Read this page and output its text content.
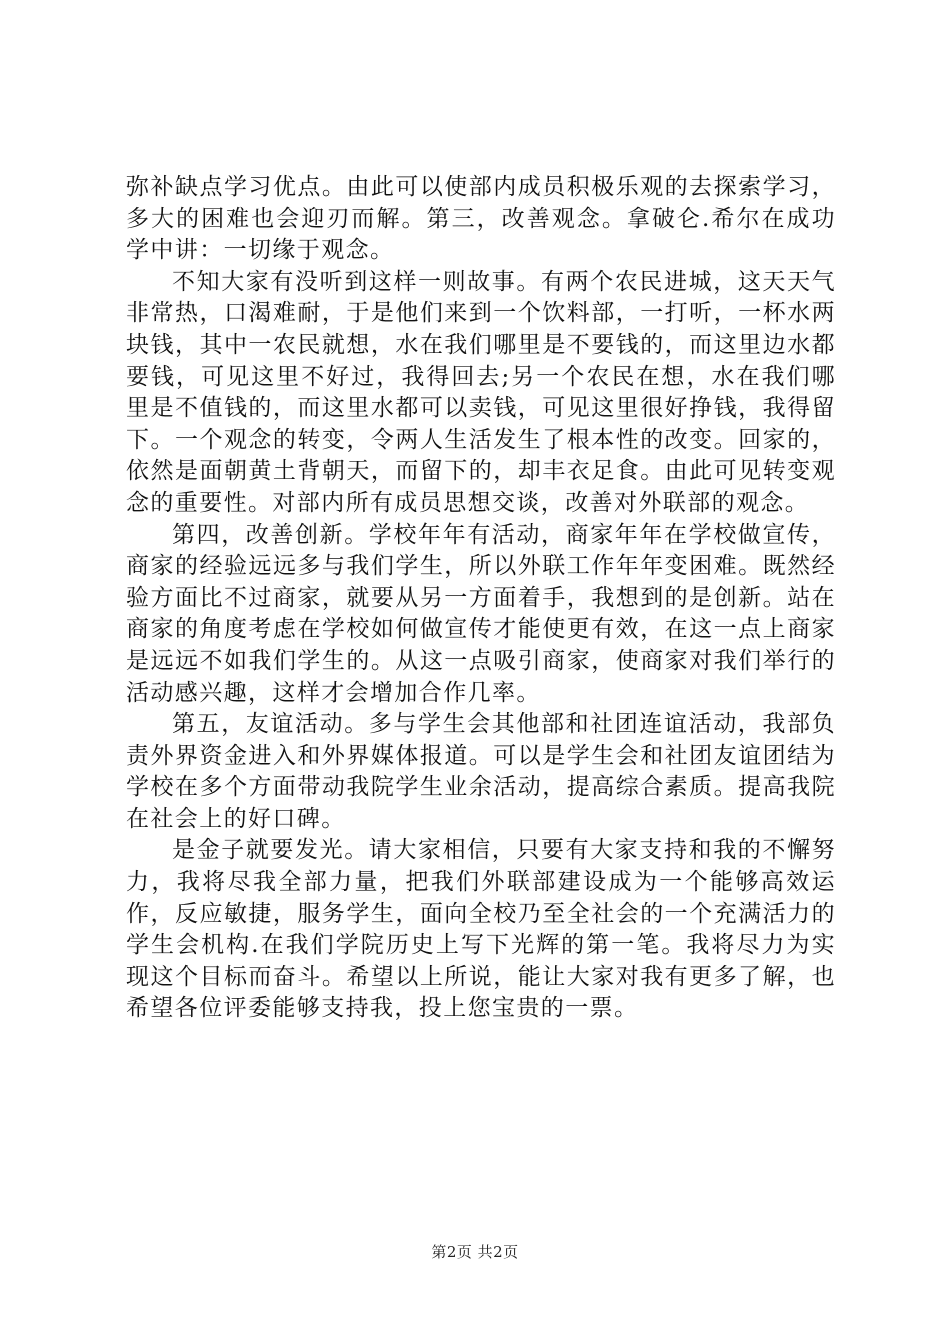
弥补缺点学习优点。由此可以使部内成员积极乐观的去探索学习，多大的困难也会迎刃而解。第三，改善观念。拿破仑.希尔在成功学中讲：一切缘于观念。

不知大家有没听到这样一则故事。有两个农民进城，这天天气非常热，口渴难耐，于是他们来到一个饮料部，一打听，一杯水两块钱，其中一农民就想，水在我们哪里是不要钱的，而这里边水都要钱，可见这里不好过，我得回去;另一个农民在想，水在我们哪里是不值钱的，而这里水都可以卖钱，可见这里很好挣钱，我得留下。一个观念的转变，令两人生活发生了根本性的改变。回家的，依然是面朝黄土背朝天，而留下的，却丰衣足食。由此可见转变观念的重要性。对部内所有成员思想交谈，改善对外联部的观念。

第四，改善创新。学校年年有活动，商家年年在学校做宣传，商家的经验远远多与我们学生，所以外联工作年年变困难。既然经验方面比不过商家，就要从另一方面着手，我想到的是创新。站在商家的角度考虑在学校如何做宣传才能使更有效，在这一点上商家是远远不如我们学生的。从这一点吸引商家，使商家对我们举行的活动感兴趣，这样才会增加合作几率。

第五，友谊活动。多与学生会其他部和社团连谊活动，我部负责外界资金进入和外界媒体报道。可以是学生会和社团友谊团结为学校在多个方面带动我院学生业余活动，提高综合素质。提高我院在社会上的好口碑。

是金子就要发光。请大家相信，只要有大家支持和我的不懈努力，我将尽我全部力量，把我们外联部建设成为一个能够高效运作，反应敏捷，服务学生，面向全校乃至全社会的一个充满活力的学生会机构.在我们学院历史上写下光辉的第一笔。我将尽力为实现这个目标而奋斗。希望以上所说，能让大家对我有更多了解，也希望各位评委能够支持我，投上您宝贵的一票。

第2页 共2页
